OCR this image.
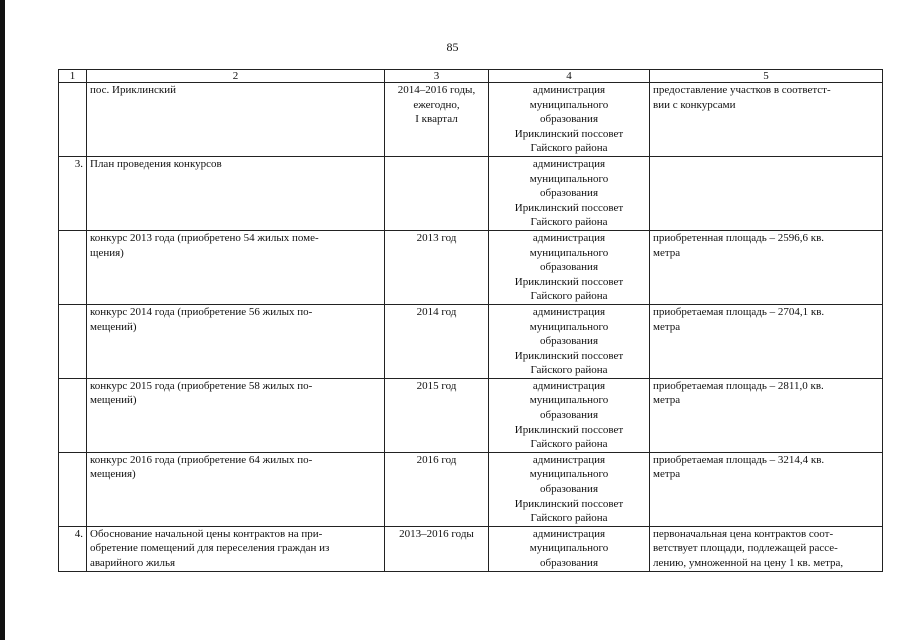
85
1	2	3	4	5

	пос. Ириклинский	2014–2016 годы,
ежегодно,
I квартал	администрация
муниципального
образования
Ириклинский поссовет
Гайского района	предоставление участков в соответст-
вии с конкурсами

3.	План проведения конкурсов		администрация
муниципального
образования
Ириклинский поссовет
Гайского района	

	конкурс 2013 года (приобретено 54 жилых поме-
щения)	2013 год	администрация
муниципального
образования
Ириклинский поссовет
Гайского района	приобретенная площадь – 2596,6 кв.
метра

	конкурс 2014 года (приобретение 56 жилых по-
мещений)	2014 год	администрация
муниципального
образования
Ириклинский поссовет
Гайского района	приобретаемая площадь – 2704,1 кв.
метра

	конкурс 2015 года (приобретение 58 жилых по-
мещений)	2015 год	администрация
муниципального
образования
Ириклинский поссовет
Гайского района	приобретаемая площадь – 2811,0 кв.
метра

	конкурс 2016 года (приобретение 64 жилых по-
мещения)	2016 год	администрация
муниципального
образования
Ириклинский поссовет
Гайского района	приобретаемая площадь – 3214,4 кв.
метра

4.	Обоснование начальной цены контрактов на при-
обретение помещений для переселения граждан из
аварийного жилья	2013–2016 годы	администрация
муниципального
образования	первоначальная цена контрактов соот-
ветствует площади, подлежащей рассе-
лению, умноженной на цену 1 кв. метра,
